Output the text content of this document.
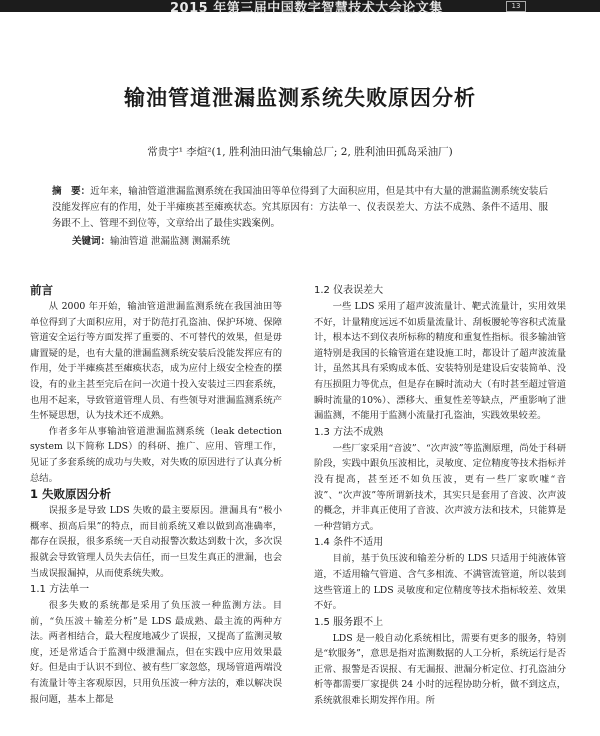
2015 年第三届中国数字智慧技术大会论文集	13
输油管道泄漏监测系统失败原因分析
常贵宇¹ 李煊²(1, 胜利油田油气集输总厂; 2, 胜利油田孤岛采油厂)
摘　要：近年来，输油管道泄漏监测系统在我国油田等单位得到了大面积应用，但是其中有大量的泄漏监测系统安装后没能发挥应有的作用，处于半瘫痪甚至瘫痪状态。究其原因有：方法单一、仪表误差大、方法不成熟、条件不适用、服务跟不上、管理不到位等，文章给出了最佳实践案例。
关键词：输油管道 泄漏监测 测漏系统
前言

从 2000 年开始，输油管道泄漏监测系统在我国油田等单位得到了大面积应用，对于防范打孔盗油、保护环境、保障管道安全运行等方面发挥了重要的、不可替代的效果，但是毋庸置疑的是，也有大量的泄漏监测系统安装后没能发挥应有的作用，处于半瘫痪甚至瘫痪状态，成为应付上级安全检查的摆设，有的业主甚至完后在问一次道十投入安装过三四套系统，也用不起来，导致管道管理人员、有些领导对泄漏监测系统产生怀疑思想，认为技术还不成熟。

作者多年从事输油管道泄漏监测系统（leak detection system 以下简称 LDS）的科研、推广、应用、管理工作，见证了多套系统的成功与失败，对失败的原因进行了认真分析总结。

1 失败原因分析

误报多是导致 LDS 失败的最主要原因。泄漏具有“极小概率、损高后果”的特点，而目前系统又难以做到高准确率，都存在误报，很多系统一天自动报警次数达到数十次，多次误报就会导致管理人员失去信任，而一旦发生真正的泄漏，也会当成误报漏掉，从而使系统失败。

1.1 方法单一

很多失败的系统都是采用了负压波一种监测方法。目前，“负压波＋输差分析”是 LDS 最成熟、最主流的两种方法。两者相结合，最大程度地减少了误报，又提高了监测灵敏度，还是常适合于监测中级泄漏点，但在实践中应用效果最好。但是由于认识不到位、被有些厂家忽悠，现场管道两端没有流量计等主客观原因，只用负压波一种方法的，难以解决误报问题，基本上都是

1.2 仪表误差大

一些 LDS 采用了超声波流量计、靶式流量计，实用效果不好，计量精度远远不如质量流量计、刮板腰轮等容积式流量计，根本达不到仪表所标称的精度和重复性指标。很多输油管道特别是我国的长输管道在建设施工时，都设计了超声波流量计，虽然其具有采购成本低、安装特别是建设后安装简单、没有压损阻力等优点，但是存在瞬时流动大（有时甚至超过管道瞬时流量的10%）、漂移大、重复性差等缺点，严重影响了泄漏监测，不能用于监测小流量打孔盗油，实践效果较差。

1.3 方法不成熟

一些厂家采用“音波”、“次声波”等监测原理，尚处于科研阶段，实践中跟负压波相比，灵敏度、定位精度等技术指标并没有提高，甚至还不如负压波，更有一些厂家吹嘘“音波”、“次声波”等所谓新技术，其实只是套用了音波、次声波的概念，并非真正使用了音波、次声波方法和技术，只能算是一种营销方式。

1.4 条件不适用

目前，基于负压波和输差分析的 LDS 只适用于纯液体管道，不适用输气管道、含气多相流、不满管流管道，所以装到这些管道上的 LDS 灵敏度和定位精度等技术指标较差、效果不好。

1.5 服务跟不上

LDS 是一般自动化系统相比，需要有更多的服务，特别是“软服务”，意思是指对监测数据的人工分析，系统运行是否正常、报警是否误报、有无漏报、泄漏分析定位、打孔盗油分析等都需要厂家提供 24 小时的远程协助分析，做不到这点，系统就很难长期发挥作用。所
